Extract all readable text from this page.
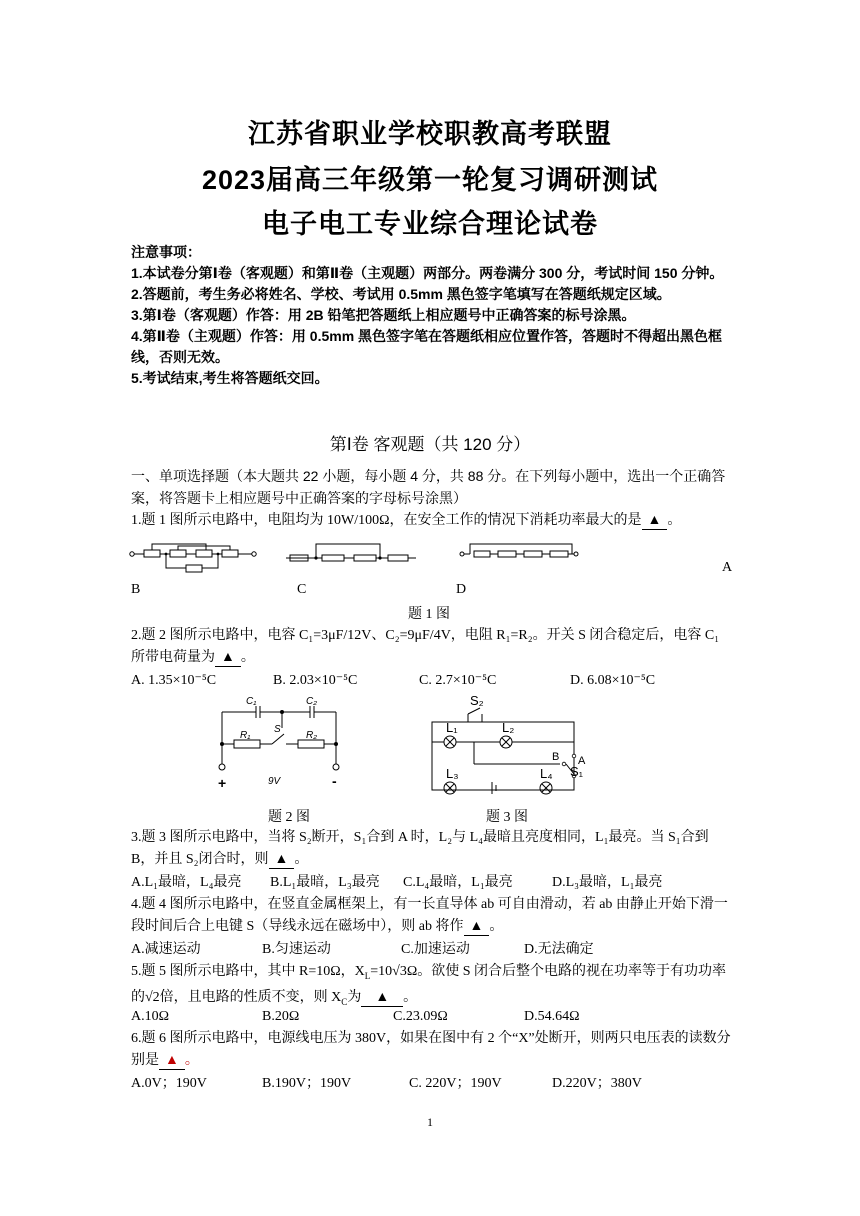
江苏省职业学校职教高考联盟
2023届高三年级第一轮复习调研测试
电子电工专业综合理论试卷
注意事项：
1.本试卷分第Ⅰ卷（客观题）和第Ⅱ卷（主观题）两部分。两卷满分 300 分，考试时间 150 分钟。
2.答题前，考生务必将姓名、学校、考试用 0.5mm 黑色签字笔填写在答题纸规定区域。
3.第Ⅰ卷（客观题）作答：用 2B 铅笔把答题纸上相应题号中正确答案的标号涂黑。
4.第Ⅱ卷（主观题）作答：用 0.5mm 黑色签字笔在答题纸相应位置作答，答题时不得超出黑色框线，否则无效。
5.考试结束,考生将答题纸交回。
第Ⅰ卷 客观题（共 120 分）
一、单项选择题（本大题共 22 小题，每小题 4 分，共 88 分。在下列每小题中，选出一个正确答案，将答题卡上相应题号中正确答案的字母标号涂黑）
1.题 1 图所示电路中，电阻均为 10W/100Ω，在安全工作的情况下消耗功率最大的是 ▲ 。
A
B	C	D
题 1 图
2.题 2 图所示电路中，电容 C₁=3μF/12V、C₂=9μF/4V，电阻 R₁=R₂。开关 S 闭合稳定后，电容 C₁所带电荷量为 ▲ 。
A. 1.35×10⁻⁵C	B. 2.03×10⁻⁵C	C. 2.7×10⁻⁵C	D. 6.08×10⁻⁵C
C₁	C₂
R₁
S
R₂
9V
+	-
S₂
L₁	L₂
B A
S₁
L₃	L₄
题 2 图	题 3 图
3.题 3 图所示电路中，当将 S₂断开，S₁合到 A 时，L₂与 L₄最暗且亮度相同，L₁最亮。当 S₁合到 B，并且 S₂闭合时，则 ▲ 。
A.L₁最暗，L₄最亮 B.L₁最暗，L₃最亮 C.L₄最暗，L₁最亮	D.L₃最暗，L₁最亮
4.题 4 图所示电路中，在竖直金属框架上，有一长直导体 ab 可自由滑动，若 ab 由静止开始下滑一段时间后合上电键 S（导线永远在磁场中），则 ab 将作 ▲ 。
A.减速运动	B.匀速运动	C.加速运动	D.无法确定
5.题 5 图所示电路中，其中 R=10Ω，$X_L=10√3\Omega$。欲使 S 闭合后整个电路的视在功率等于有功功率的√2倍，且电路的性质不变，则 $X_C$为 ▲ 。
A.10Ω	B.20Ω	C.23.09Ω	D.54.64Ω
6.题 6 图所示电路中，电源线电压为 380V，如果在图中有 2 个“X”处断开，则两只电压表的读数分别是 ▲ 。
A.0V；190V	B.190V；190V	C. 220V；190V	D.220V；380V
1
